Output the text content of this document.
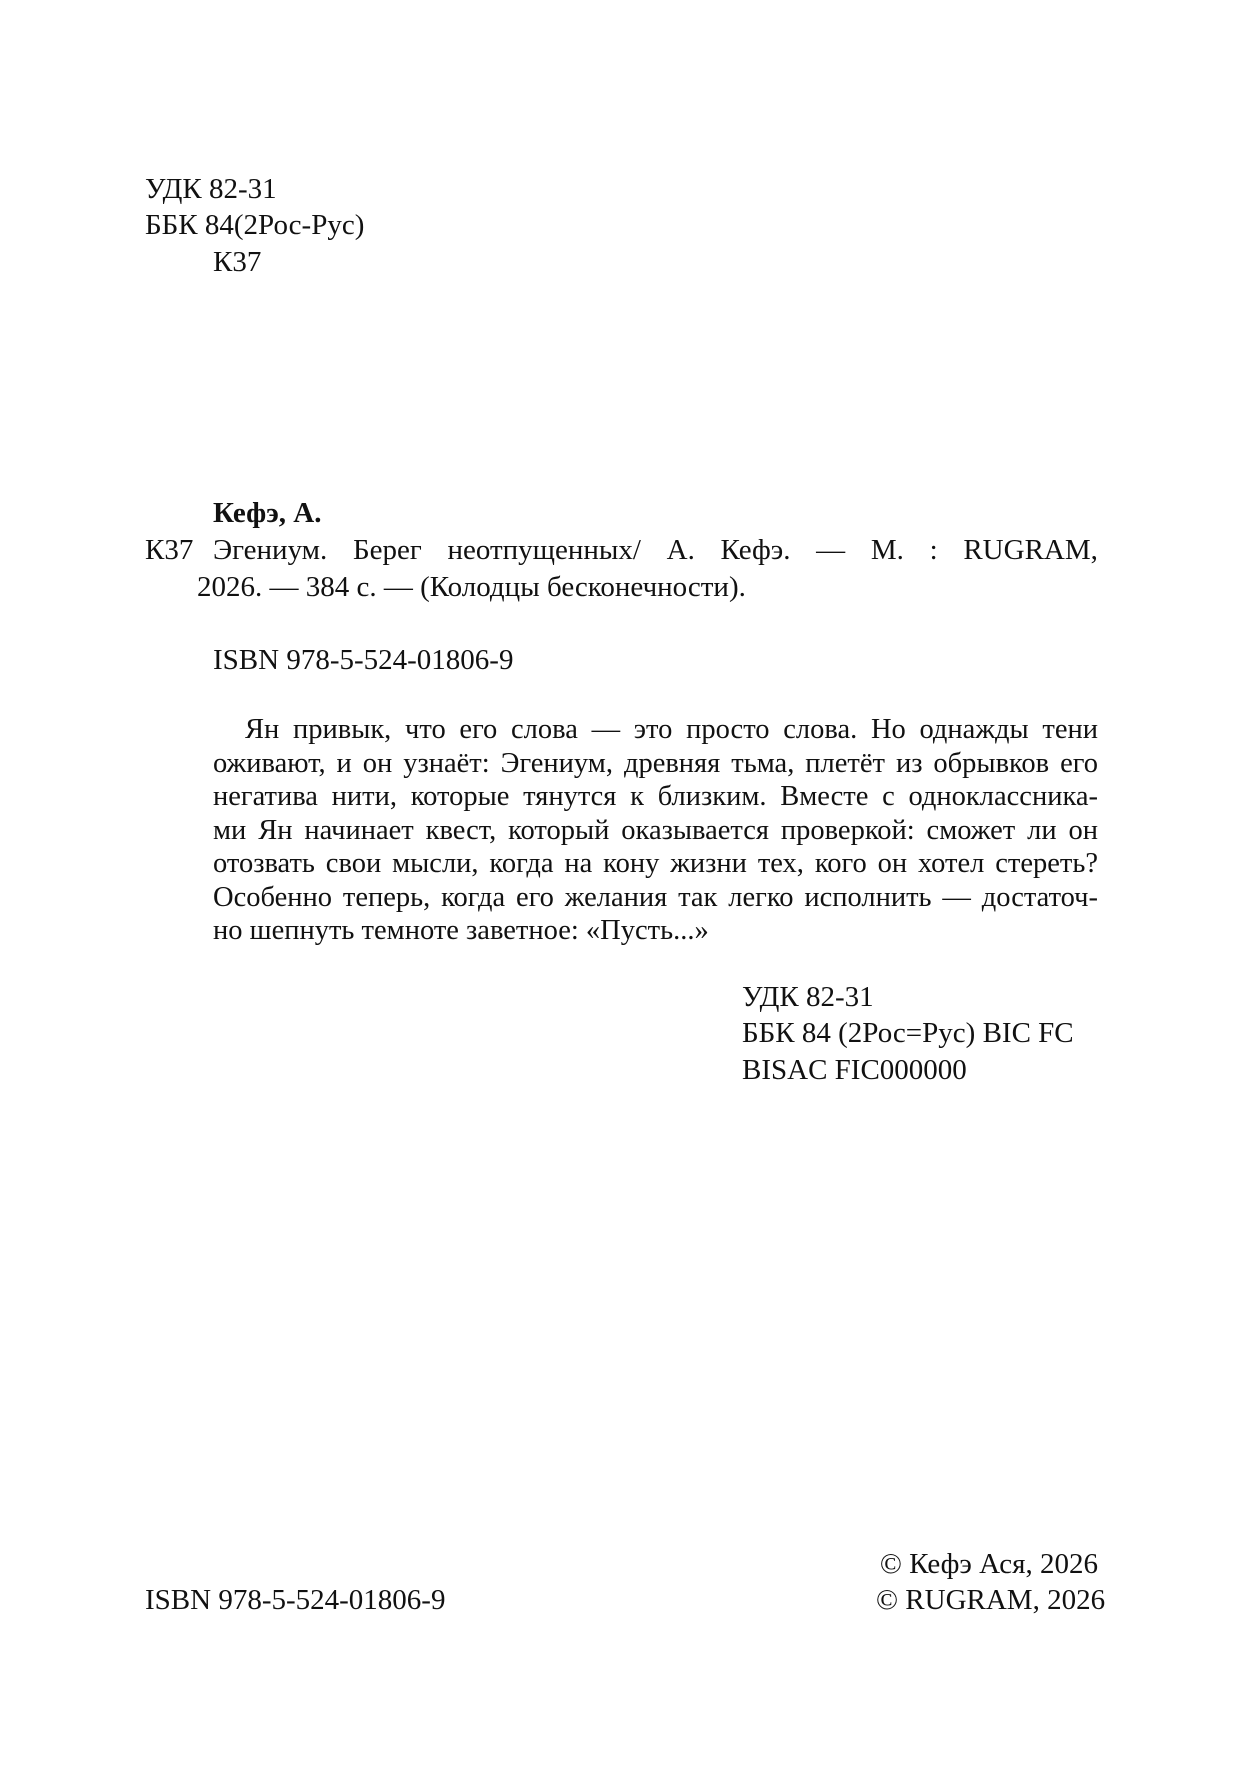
УДК 82-31
ББК 84(2Рос-Рус)
К37
Кефэ, А.
К37 Эгениум. Берег неотпущенных/ А. Кефэ. — М. : RUGRAM,
2026. — 384 с. — (Колодцы бесконечности).
ISBN 978-5-524-01806-9
Ян привык, что его слова — это просто слова. Но однажды тени
оживают, и он узнаёт: Эгениум, древняя тьма, плетёт из обрывков его
негатива нити, которые тянутся к близким. Вместе с одноклассника-
ми Ян начинает квест, который оказывается проверкой: сможет ли он
отозвать свои мысли, когда на кону жизни тех, кого он хотел стереть?
Особенно теперь, когда его желания так легко исполнить — достаточ-
но шепнуть темноте заветное: «Пусть...»
УДК 82-31
ББК 84 (2Рос=Рус) BIC FC
BISAC FIC000000
© Кефэ Ася, 2026
ISBN 978-5-524-01806-9	© RUGRAM, 2026
